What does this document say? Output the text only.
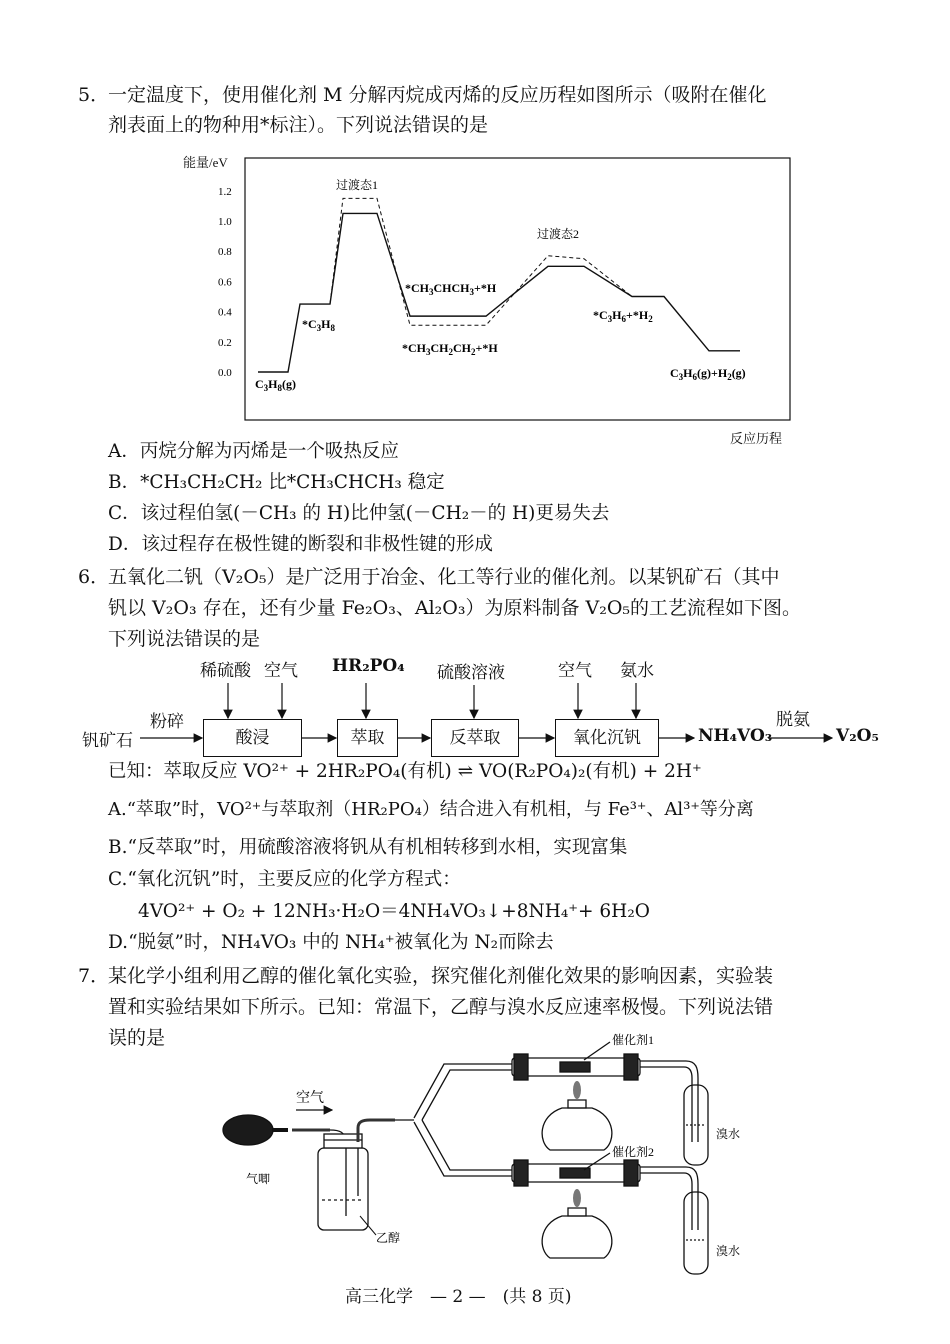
5．
一定温度下，使用催化剂 M 分解丙烷成丙烯的反应历程如图所示（吸附在催化
剂表面上的物种用*标注）。下列说法错误的是
能量/eV
1.2
1.0
0.8
0.6
0.4
0.2
0.0
过渡态1
过渡态2
$C_3H_8(g)$
$*C_3H_8$
$*CH_3CHCH_3+*H$
$*CH_3CH_2CH_2+*H$
$*C_3H_6+*H_2$
$C_3H_6(g)+H_2(g)$
反应历程
A．丙烷分解为丙烯是一个吸热反应
B．*CH₃CH₂CH₂ 比*CH₃CHCH₃ 稳定
C．该过程伯氢(－CH₃ 的 H)比仲氢(－CH₂－的 H)更易失去
D．该过程存在极性键的断裂和非极性键的形成
6．
五氧化二钒（V₂O₅）是广泛用于冶金、化工等行业的催化剂。以某钒矿石（其中
钒以 V₂O₃ 存在，还有少量 Fe₂O₃、Al₂O₃）为原料制备 V₂O₅的工艺流程如下图。
下列说法错误的是
稀硫酸 空气 HR₂PO₄ 硫酸溶液	空气 氨水
钒矿石
粉碎
酸浸	萃取	反萃取	氧化沉钒	NH₄VO₃
脱氨
V₂O₅
已知：萃取反应 VO²⁺ + 2HR₂PO₄(有机) ⇌ VO(R₂PO₄)₂(有机) + 2H⁺
A.“萃取”时，VO²⁺与萃取剂（HR₂PO₄）结合进入有机相，与 Fe³⁺、Al³⁺等分离
B.“反萃取”时，用硫酸溶液将钒从有机相转移到水相，实现富集
C.“氧化沉钒”时，主要反应的化学方程式：
4VO²⁺ + O₂ + 12NH₃·H₂O＝4NH₄VO₃↓+8NH₄⁺+ 6H₂O
D.“脱氨”时，NH₄VO₃ 中的 NH₄⁺被氧化为 N₂而除去
7．
某化学小组利用乙醇的催化氧化实验，探究催化剂催化效果的影响因素，实验装
置和实验结果如下所示。已知：常温下，乙醇与溴水反应速率极慢。下列说法错
误的是
空气
气唧
乙醇
催化剂1
催化剂2
溴水
溴水
高三化学　— 2 —　(共 8 页)
